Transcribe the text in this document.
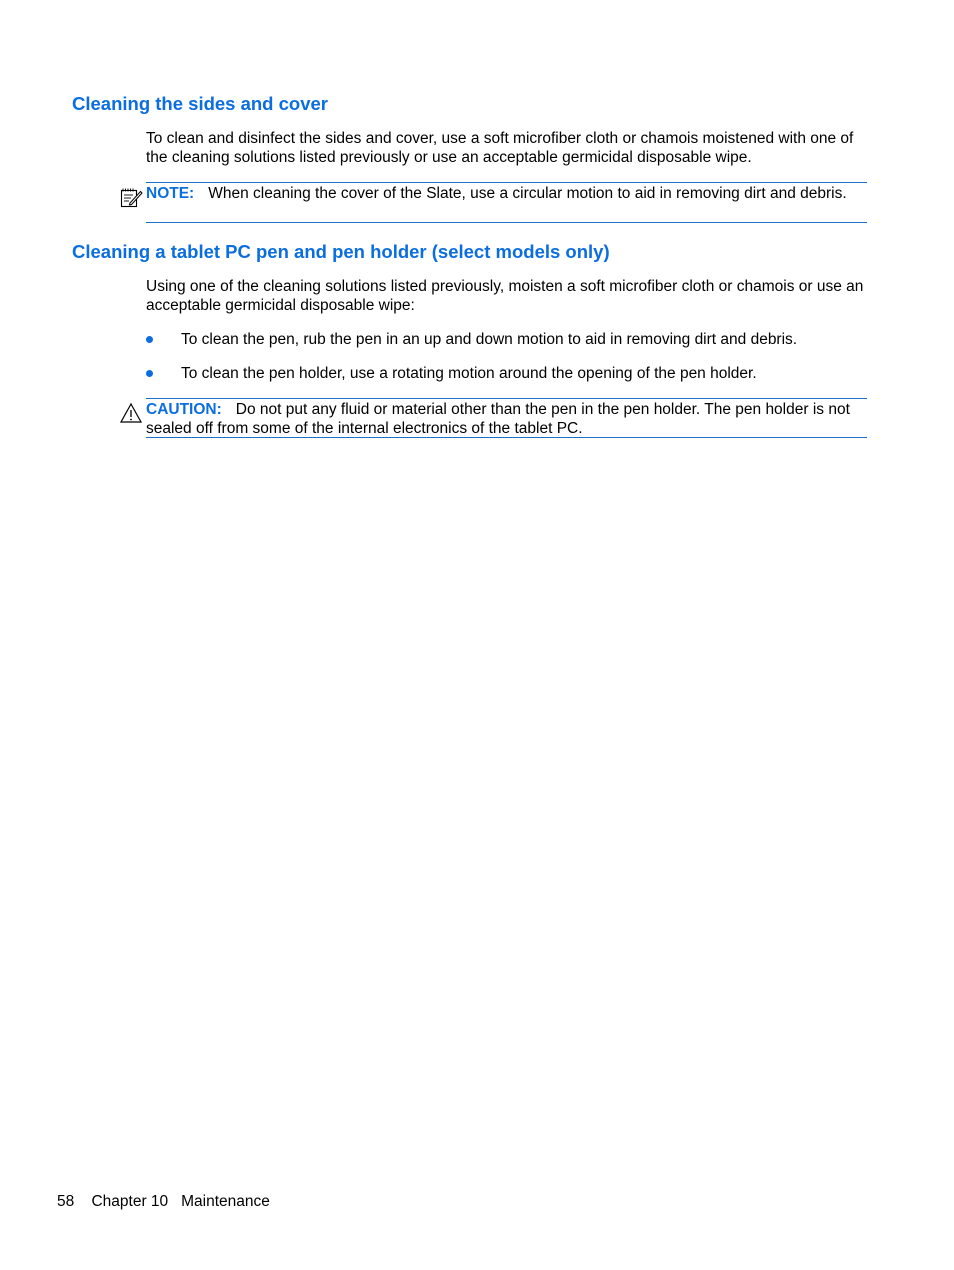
Cleaning the sides and cover

To clean and disinfect the sides and cover, use a soft microfiber cloth or chamois moistened with one of the cleaning solutions listed previously or use an acceptable germicidal disposable wipe.

NOTE: When cleaning the cover of the Slate, use a circular motion to aid in removing dirt and debris.

Cleaning a tablet PC pen and pen holder (select models only)

Using one of the cleaning solutions listed previously, moisten a soft microfiber cloth or chamois or use an acceptable germicidal disposable wipe:

To clean the pen, rub the pen in an up and down motion to aid in removing dirt and debris.
To clean the pen holder, use a rotating motion around the opening of the pen holder.

CAUTION: Do not put any fluid or material other than the pen in the pen holder. The pen holder is not sealed off from some of the internal electronics of the tablet PC.

58 Chapter 10 Maintenance
